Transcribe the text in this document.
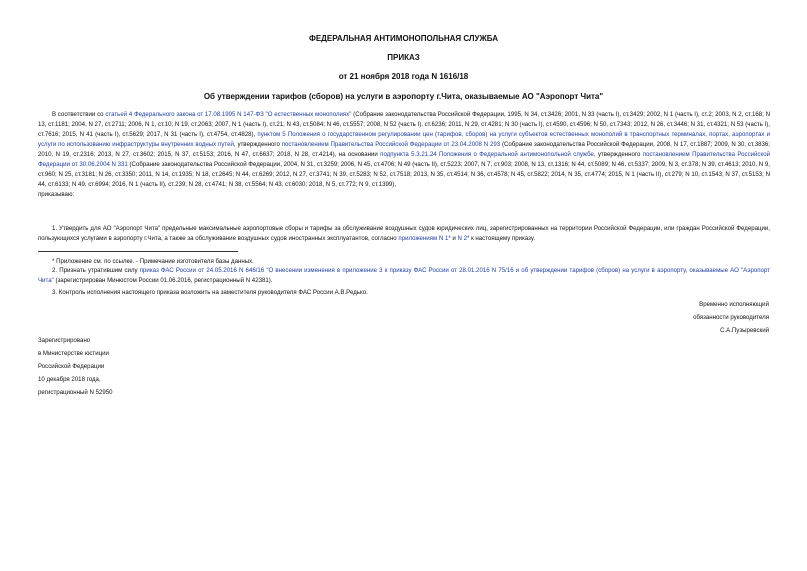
ФЕДЕРАЛЬНАЯ АНТИМОНОПОЛЬНАЯ СЛУЖБА
ПРИКАЗ
от 21 ноября 2018 года N 1616/18
Об утверждении тарифов (сборов) на услуги в аэропорту г.Чита, оказываемые АО "Аэропорт Чита"

В соответствии со статьей 4 Федерального закона от 17.08.1995 N 147-ФЗ "О естественных монополиях" (Собрание законодательства Российской Федерации, 1995, N 34, ст.3426; 2001, N 33 (часть I), ст.3429; 2002, N 1 (часть I), ст.2; 2003, N 2, ст.168; N 13, ст.1181; 2004, N 27, ст.2711; 2006, N 1, ст.10; N 19, ст.2063; 2007, N 1 (часть I), ст.21; N 43, ст.5084; N 46, ст.5557; 2008, N 52 (часть I), ст.6236; 2011, N 29, ст.4281; N 30 (часть I), ст.4590, ст.4596; N 50, ст.7343; 2012, N 26, ст.3446; N 31, ст.4321; N 53 (часть I), ст.7616; 2015, N 41 (часть I), ст.5629; 2017, N 31 (часть I), ст.4754, ст.4828), пунктом 5 Положения о государственном регулировании цен (тарифов, сборов) на услуги субъектов естественных монополий в транспортных терминалах, портах, аэропортах и услуги по использованию инфраструктуры внутренних водных путей, утвержденного постановлением Правительства Российской Федерации от 23.04.2008 N 293 (Собрание законодательства Российской Федерации, 2008, N 17, ст.1887; 2009, N 30, ст.3836; 2010, N 19, ст.2316; 2013, N 27, ст.3602; 2015, N 37, ст.5153; 2016, N 47, ст.6637; 2018, N 28, ст.4214), на основании подпункта 5.3.21.24 Положения о Федеральной антимонопольной службе, утвержденного постановлением Правительства Российской Федерации от 30.06.2004 N 331 (Собрание законодательства Российской Федерации, 2004, N 31, ст.3259; 2006, N 45, ст.4706; N 49 (часть II), ст.5223; 2007, N 7, ст.903; 2008, N 13, ст.1316; N 44, ст.5089; N 46, ст.5337; 2009, N 3, ст.378; N 39, ст.4613; 2010, N 9, ст.960; N 25, ст.3181; N 26, ст.3350; 2011, N 14, ст.1935; N 18, ст.2645; N 44, ст.6269; 2012, N 27, ст.3741; N 39, ст.5283; N 52, ст.7518; 2013, N 35, ст.4514; N 36, ст.4578; N 45, ст.5822; 2014, N 35, ст.4774; 2015, N 1 (часть II), ст.279; N 10, ст.1543; N 37, ст.5153; N 44, ст.6133; N 49, ст.6994; 2016, N 1 (часть II), ст.239; N 28, ст.4741; N 38, ст.5564; N 43, ст.6030; 2018, N 5, ст.772; N 9, ст.1399),

приказываю:

1. Утвердить для АО "Аэропорт Чита" предельные максимальные аэропортовые сборы и тарифы за обслуживание воздушных судов юридических лиц, зарегистрированных на территории Российской Федерации, или граждан Российской Федерации, пользующихся услугами в аэропорту г.Чита, а также за обслуживание воздушных судов иностранных эксплуатантов, согласно приложениям N 1* и N 2* к настоящему приказу.

* Приложение см. по ссылке. - Примечание изготовителя базы данных.

2. Признать утратившим силу приказ ФАС России от 24.05.2016 N 646/16 "О внесении изменения в приложение 3 к приказу ФАС России от 28.01.2016 N 75/16 и об утверждении тарифов (сборов) на услуги в аэропорту, оказываемые АО "Аэропорт Чита" (зарегистрирован Минюстом России 01.06.2016, регистрационный N 42381).

3. Контроль исполнения настоящего приказа возложить на заместителя руководителя ФАС России А.В.Редько.

Временно исполняющий
обязанности руководителя
С.А.Пузыревский
Зарегистрировано
в Министерстве юстиции
Российской Федерации
10 декабря 2018 года,
регистрационный N 52950
